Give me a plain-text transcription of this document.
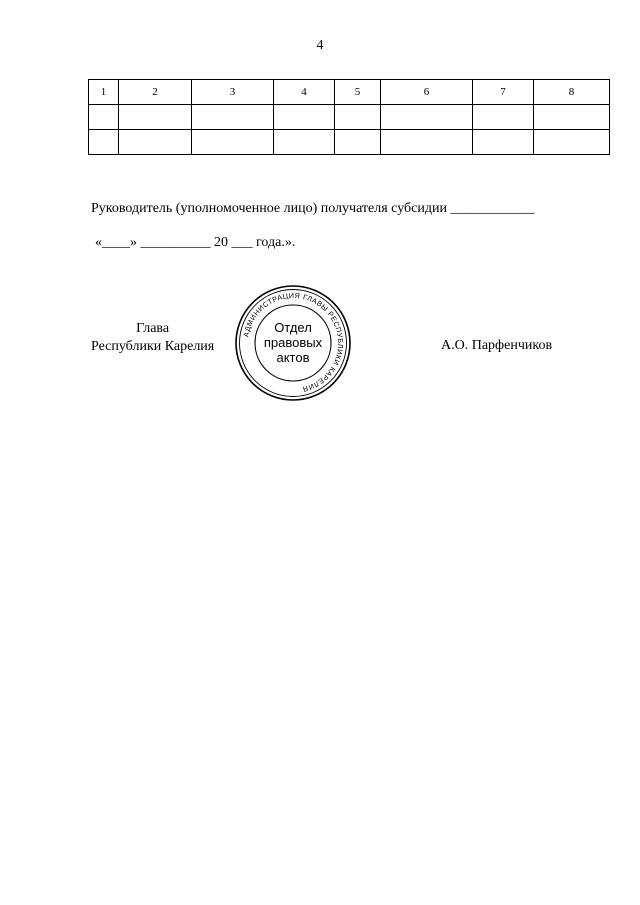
4
1	2	3	4	5	6	7	8

Руководитель (уполномоченное лицо) получателя субсидии ____________
«____» __________ 20 ___ года.».
Глава
Республики Карелия	А.О. Парфенчиков
АДМИНИСТРАЦИЯ ГЛАВЫ РЕСПУБЛИКИ КАРЕЛИЯ
Отдел
правовых
актов
